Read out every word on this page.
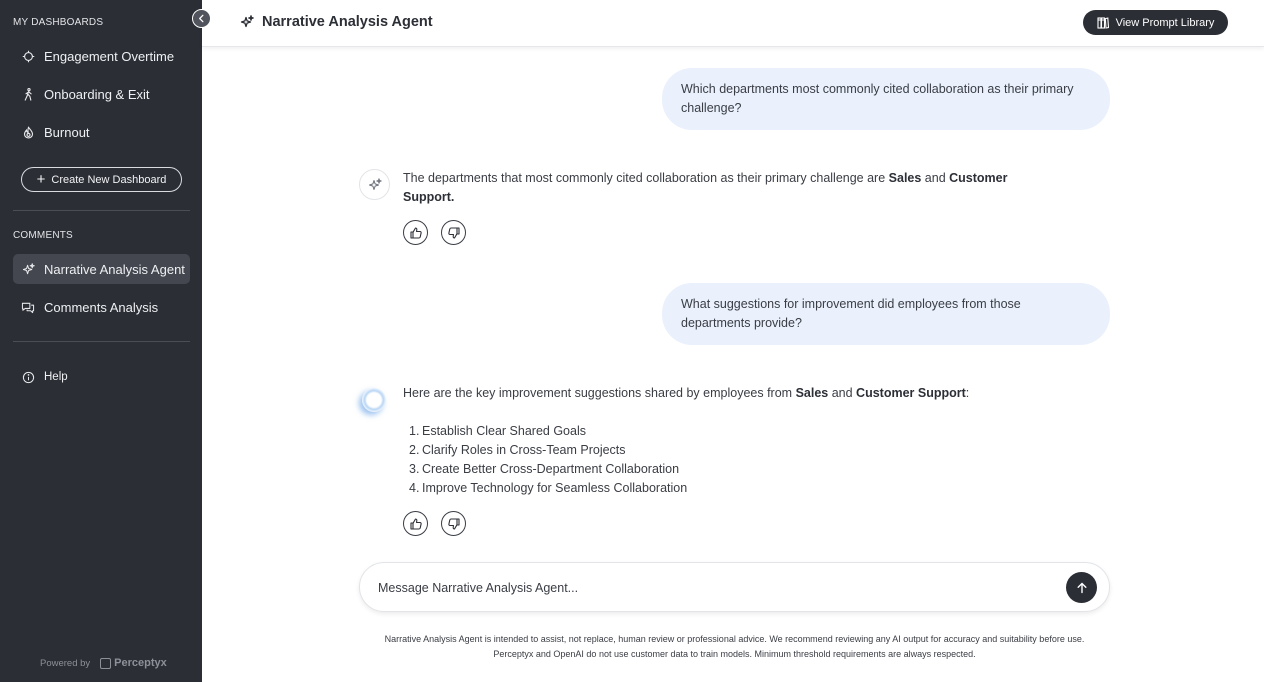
MY DASHBOARDS
Engagement Overtime
Onboarding & Exit
Burnout
+ Create New Dashboard
COMMENTS
Narrative Analysis Agent
Comments Analysis
Help
Powered by Perceptyx
Narrative Analysis Agent	View Prompt Library
Which departments most commonly cited collaboration as their primary challenge?
The departments that most commonly cited collaboration as their primary challenge are Sales and Customer Support.
What suggestions for improvement did employees from those departments provide?
Here are the key improvement suggestions shared by employees from Sales and Customer Support:
1. Establish Clear Shared Goals
2. Clarify Roles in Cross-Team Projects
3. Create Better Cross-Department Collaboration
4. Improve Technology for Seamless Collaboration
Message Narrative Analysis Agent...
Narrative Analysis Agent is intended to assist, not replace, human review or professional advice. We recommend reviewing any AI output for accuracy and suitability before use.
Perceptyx and OpenAI do not use customer data to train models. Minimum threshold requirements are always respected.
